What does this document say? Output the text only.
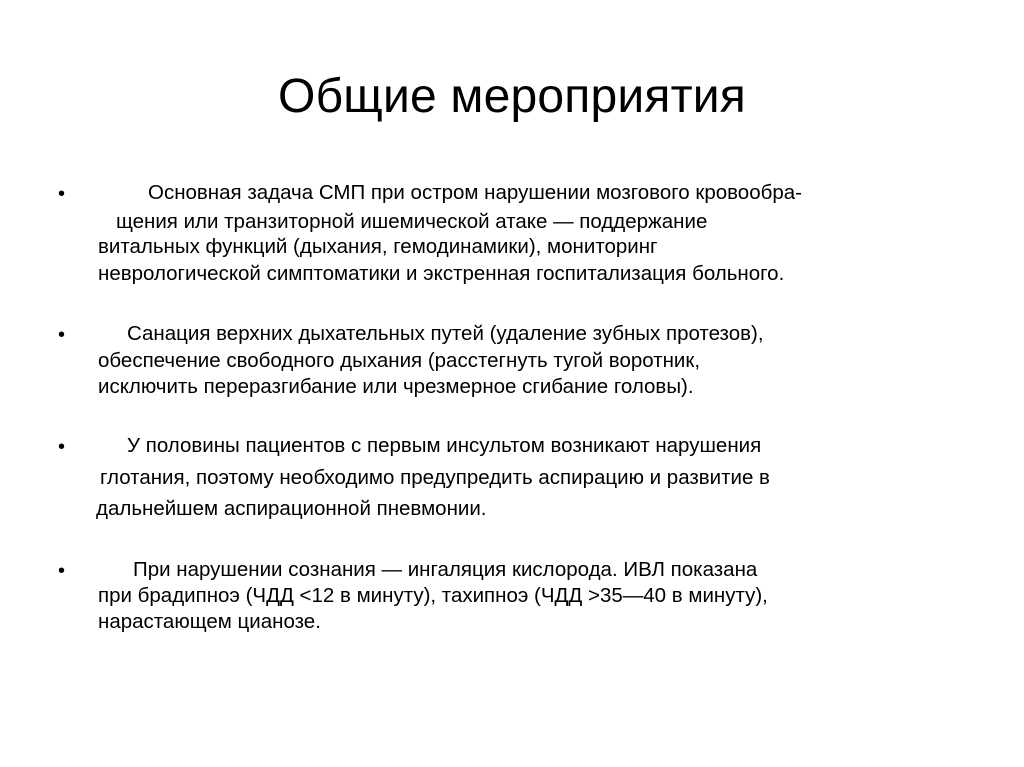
Общие мероприятия
•	Основная задача СМП при остром нарушении мозгового кровообра-
щения или транзиторной ишемической атаке — поддержание
витальных функций (дыхания, гемодинамики), мониторинг
неврологической симптоматики и экстренная госпитализация больного.
•	Санация верхних дыхательных путей (удаление зубных протезов),
обеспечение свободного дыхания (расстегнуть тугой воротник,
исключить переразгибание или чрезмерное сгибание головы).
•	У половины пациентов с первым инсультом возникают нарушения
глотания, поэтому необходимо предупредить аспирацию и развитие в
дальнейшем аспирационной пневмонии.
•	При нарушении сознания — ингаляция кислорода. ИВЛ показана
при брадипноэ (ЧДД <12 в минуту), тахипноэ (ЧДД >35—40 в минуту),
нарастающем цианозе.
